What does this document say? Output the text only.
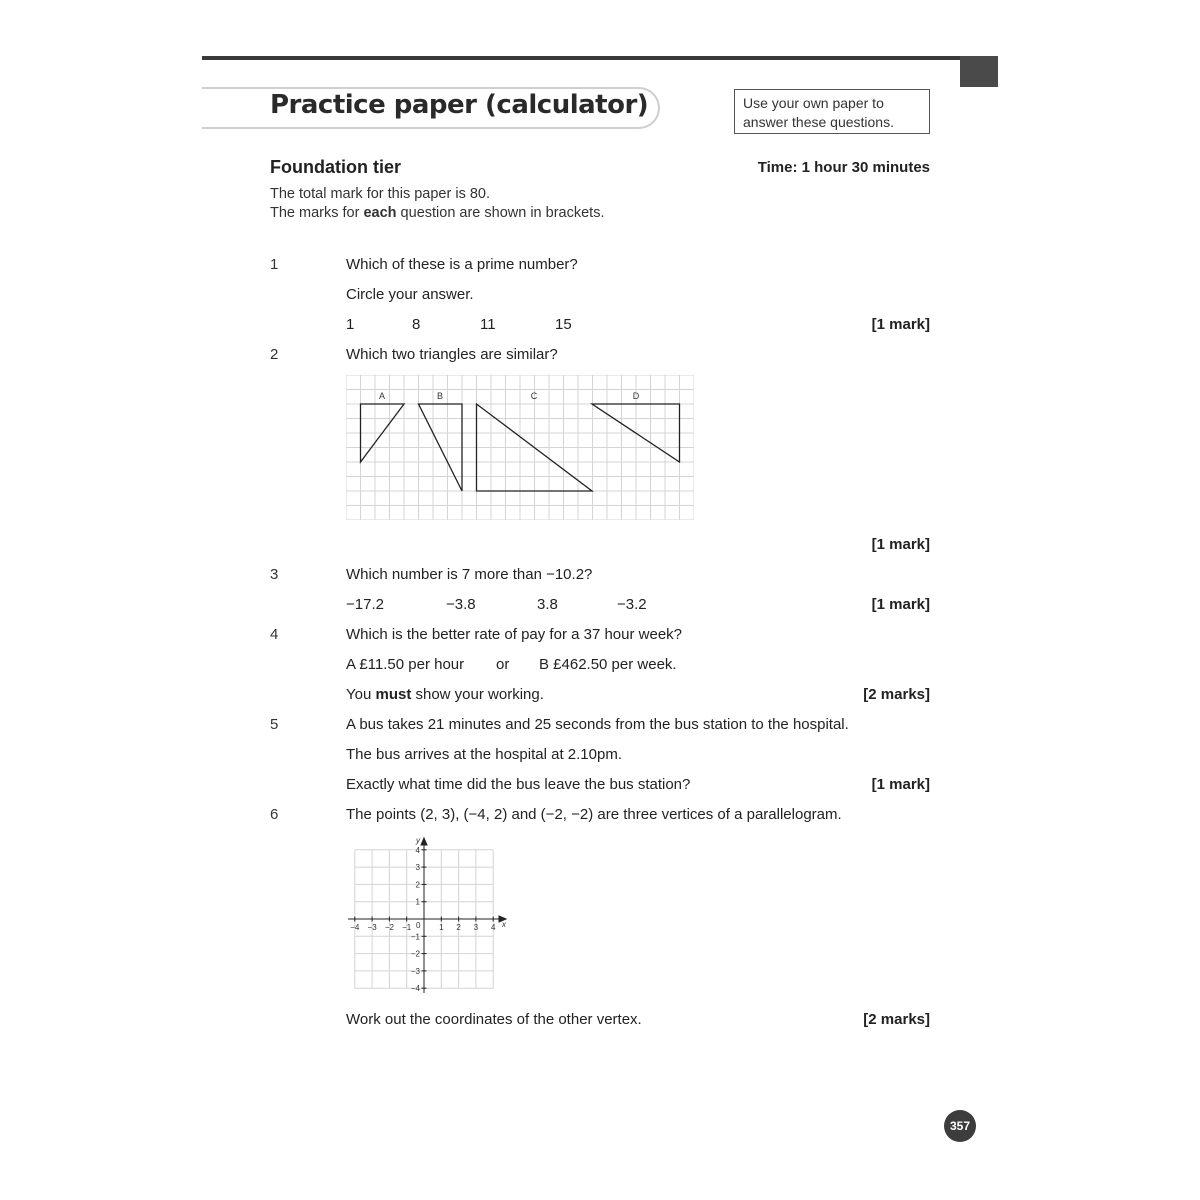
Practice paper (calculator)	Use your own paper to
answer these questions.
Foundation tier	Time: 1 hour 30 minutes
The total mark for this paper is 80.
The marks for each question are shown in brackets.
1	Which of these is a prime number?
Circle your answer.
1	8	11	15	[1 mark]
2	Which two triangles are similar?
A	B	C	D
[1 mark]
3	Which number is 7 more than −10.2?
−17.2	−3.8	3.8	−3.2	[1 mark]
4	Which is the better rate of pay for a 37 hour week?
A £11.50 per hour or B £462.50 per week.
You must show your working.	[2 marks]
5	A bus takes 21 minutes and 25 seconds from the bus station to the hospital.
The bus arrives at the hospital at 2.10pm.
Exactly what time did the bus leave the bus station?	[1 mark]
6	The points (2, 3), (−4, 2) and (−2, −2) are three vertices of a parallelogram.
−4 −3 −2 −1	1 2 3 4
4
3
2
1
−1
−2
−3
−4
x
y
0
Work out the coordinates of the other vertex.	[2 marks]
357
